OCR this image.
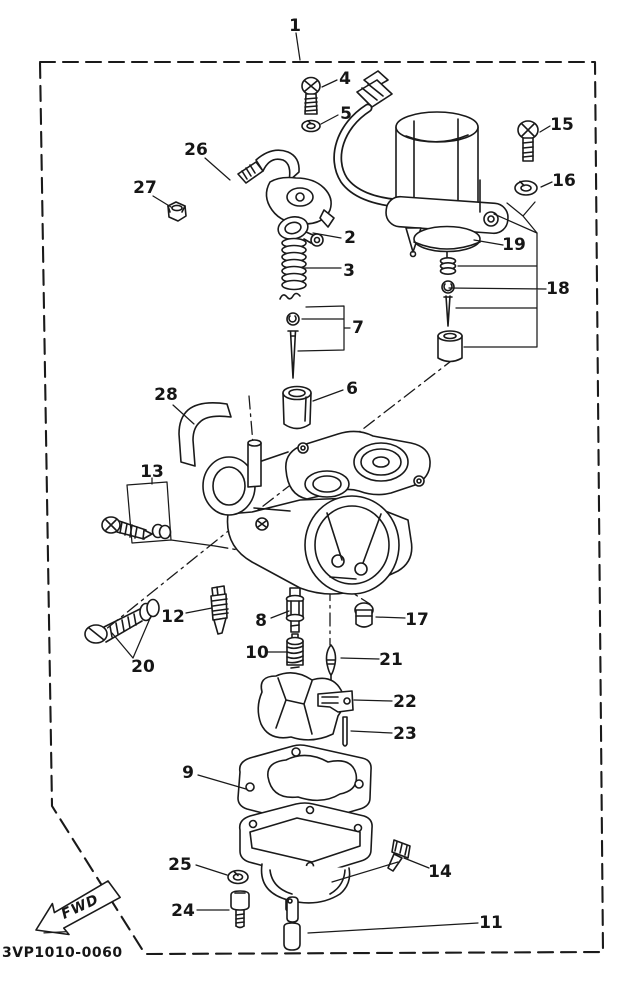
1
2
3
4
5
6
7
8
9
10
11
12
13
14
15
16
17
18
19
20	21
22
23
24
25
26
27
28
FWD
3VP1010-0060
